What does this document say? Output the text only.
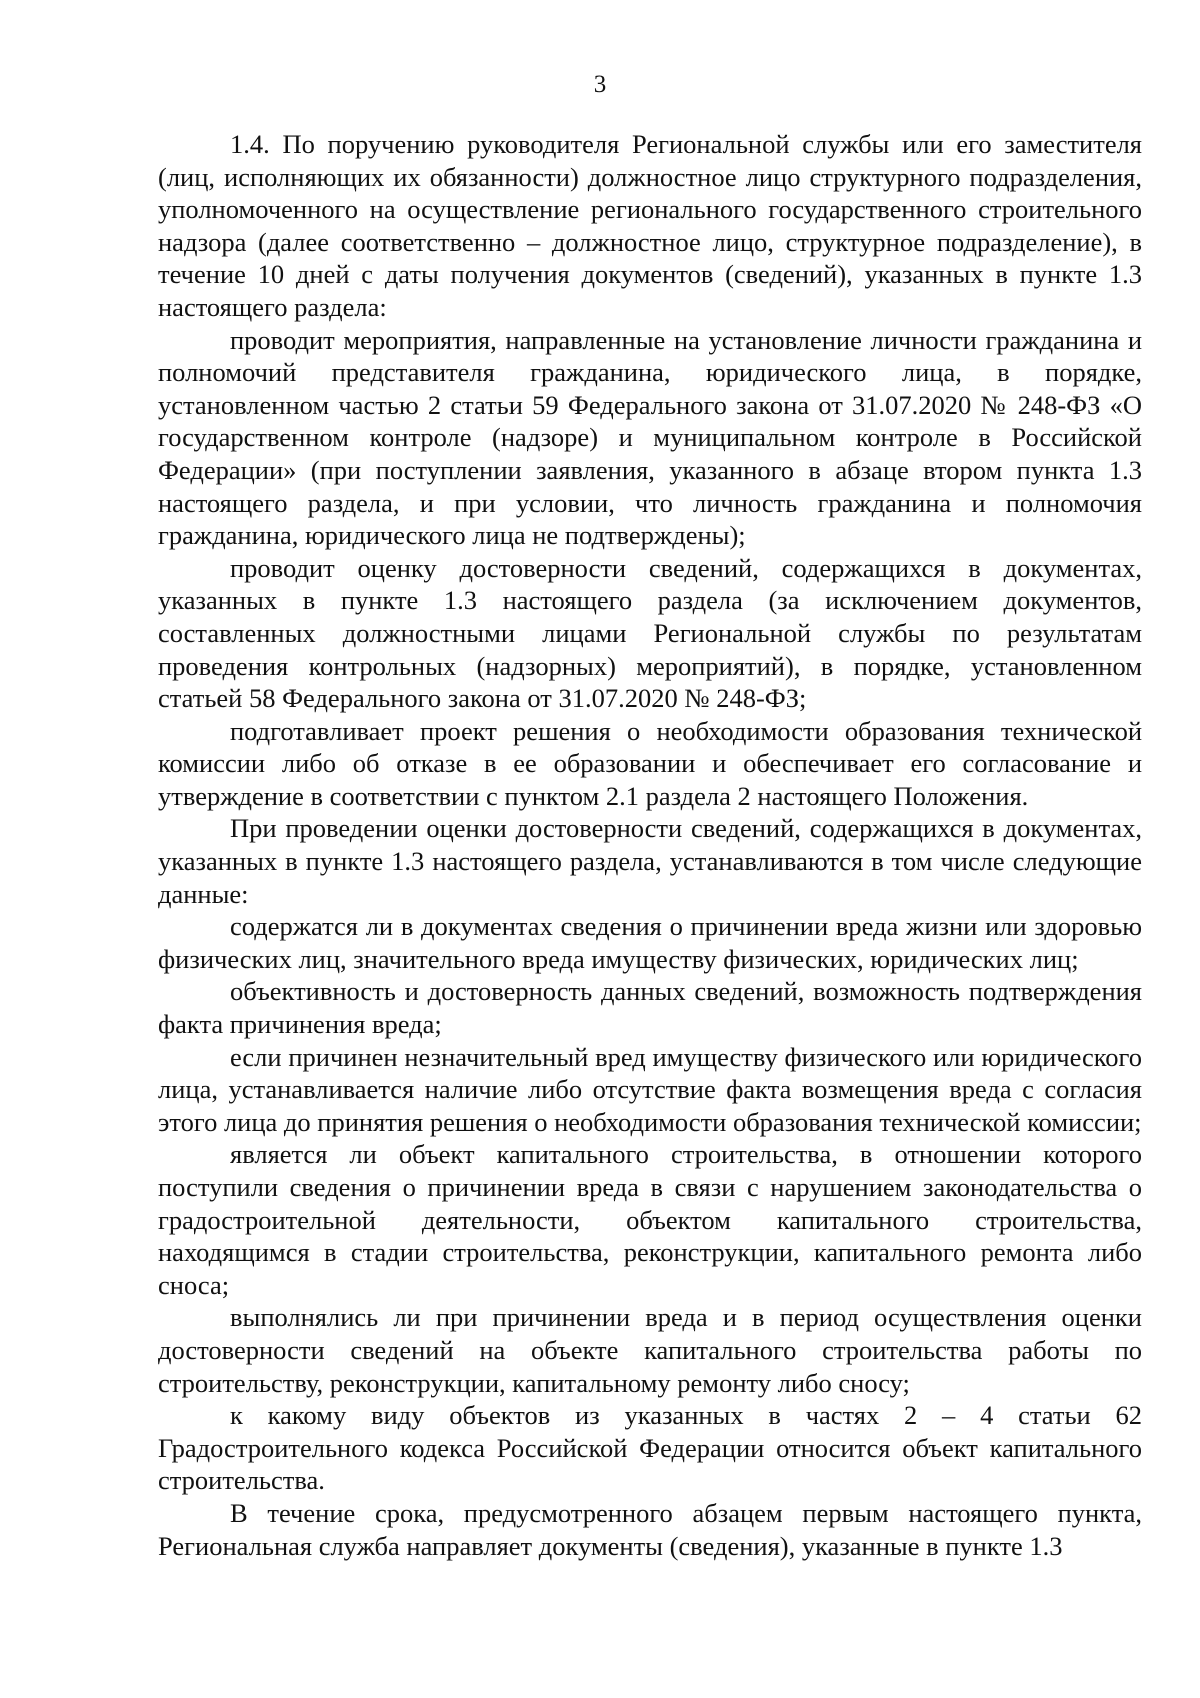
3

1.4. По поручению руководителя Региональной службы или его заместителя (лиц, исполняющих их обязанности) должностное лицо структурного подразделения, уполномоченного на осуществление регионального государственного строительного надзора (далее соответственно – должностное лицо, структурное подразделение), в течение 10 дней с даты получения документов (сведений), указанных в пункте 1.3 настоящего раздела:

проводит мероприятия, направленные на установление личности гражданина и полномочий представителя гражданина, юридического лица, в порядке, установленном частью 2 статьи 59 Федерального закона от 31.07.2020 № 248-ФЗ «О государственном контроле (надзоре) и муниципальном контроле в Российской Федерации» (при поступлении заявления, указанного в абзаце втором пункта 1.3 настоящего раздела, и при условии, что личность гражданина и полномочия гражданина, юридического лица не подтверждены);

проводит оценку достоверности сведений, содержащихся в документах, указанных в пункте 1.3 настоящего раздела (за исключением документов, составленных должностными лицами Региональной службы по результатам проведения контрольных (надзорных) мероприятий), в порядке, установленном статьей 58 Федерального закона от 31.07.2020 № 248-ФЗ;

подготавливает проект решения о необходимости образования технической комиссии либо об отказе в ее образовании и обеспечивает его согласование и утверждение в соответствии с пунктом 2.1 раздела 2 настоящего Положения.

При проведении оценки достоверности сведений, содержащихся в документах, указанных в пункте 1.3 настоящего раздела, устанавливаются в том числе следующие данные:

содержатся ли в документах сведения о причинении вреда жизни или здоровью физических лиц, значительного вреда имуществу физических, юридических лиц;

объективность и достоверность данных сведений, возможность подтверждения факта причинения вреда;

если причинен незначительный вред имуществу физического или юридического лица, устанавливается наличие либо отсутствие факта возмещения вреда с согласия этого лица до принятия решения о необходимости образования технической комиссии;

является ли объект капитального строительства, в отношении которого поступили сведения о причинении вреда в связи с нарушением законодательства о градостроительной деятельности, объектом капитального строительства, находящимся в стадии строительства, реконструкции, капитального ремонта либо сноса;

выполнялись ли при причинении вреда и в период осуществления оценки достоверности сведений на объекте капитального строительства работы по строительству, реконструкции, капитальному ремонту либо сносу;

к какому виду объектов из указанных в частях 2 – 4 статьи 62 Градостроительного кодекса Российской Федерации относится объект капитального строительства.

В течение срока, предусмотренного абзацем первым настоящего пункта, Региональная служба направляет документы (сведения), указанные в пункте 1.3
